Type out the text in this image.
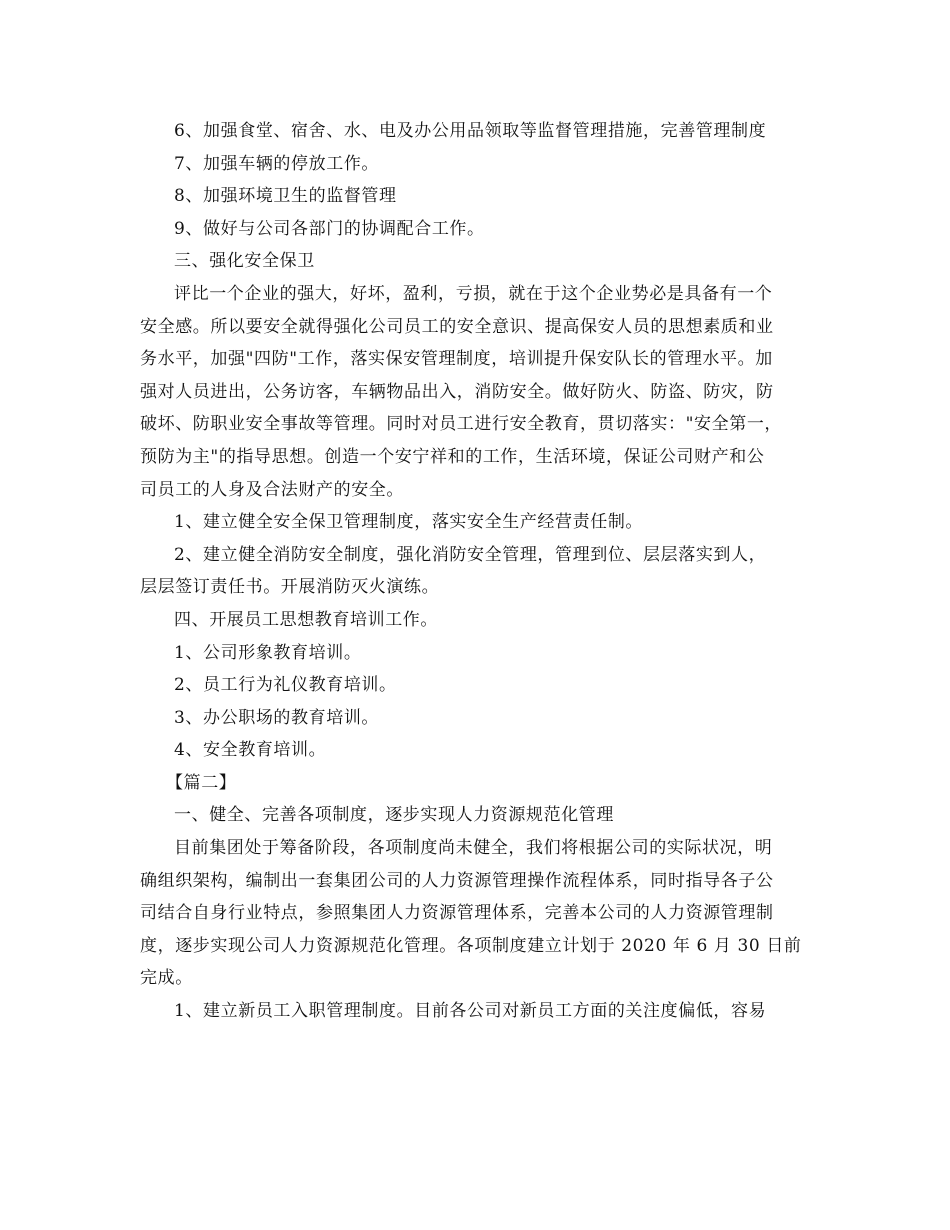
6、加强食堂、宿舍、水、电及办公用品领取等监督管理措施，完善管理制度
7、加强车辆的停放工作。
8、加强环境卫生的监督管理
9、做好与公司各部门的协调配合工作。
三、强化安全保卫
评比一个企业的强大，好坏，盈利，亏损，就在于这个企业势必是具备有一个
安全感。所以要安全就得强化公司员工的安全意识、提高保安人员的思想素质和业
务水平，加强"四防"工作，落实保安管理制度，培训提升保安队长的管理水平。加
强对人员进出，公务访客，车辆物品出入，消防安全。做好防火、防盗、防灾，防
破坏、防职业安全事故等管理。同时对员工进行安全教育，贯切落实："安全第一，
预防为主"的指导思想。创造一个安宁祥和的工作，生活环境，保证公司财产和公
司员工的人身及合法财产的安全。
1、建立健全安全保卫管理制度，落实安全生产经营责任制。
2、建立健全消防安全制度，强化消防安全管理，管理到位、层层落实到人，
层层签订责任书。开展消防灭火演练。
四、开展员工思想教育培训工作。
1、公司形象教育培训。
2、员工行为礼仪教育培训。
3、办公职场的教育培训。
4、安全教育培训。
【篇二】
一、健全、完善各项制度，逐步实现人力资源规范化管理
目前集团处于筹备阶段，各项制度尚未健全，我们将根据公司的实际状况，明
确组织架构，编制出一套集团公司的人力资源管理操作流程体系，同时指导各子公
司结合自身行业特点，参照集团人力资源管理体系，完善本公司的人力资源管理制
度，逐步实现公司人力资源规范化管理。各项制度建立计划于 2020 年 6 月 30 日前
完成。
1、建立新员工入职管理制度。目前各公司对新员工方面的关注度偏低，容易
